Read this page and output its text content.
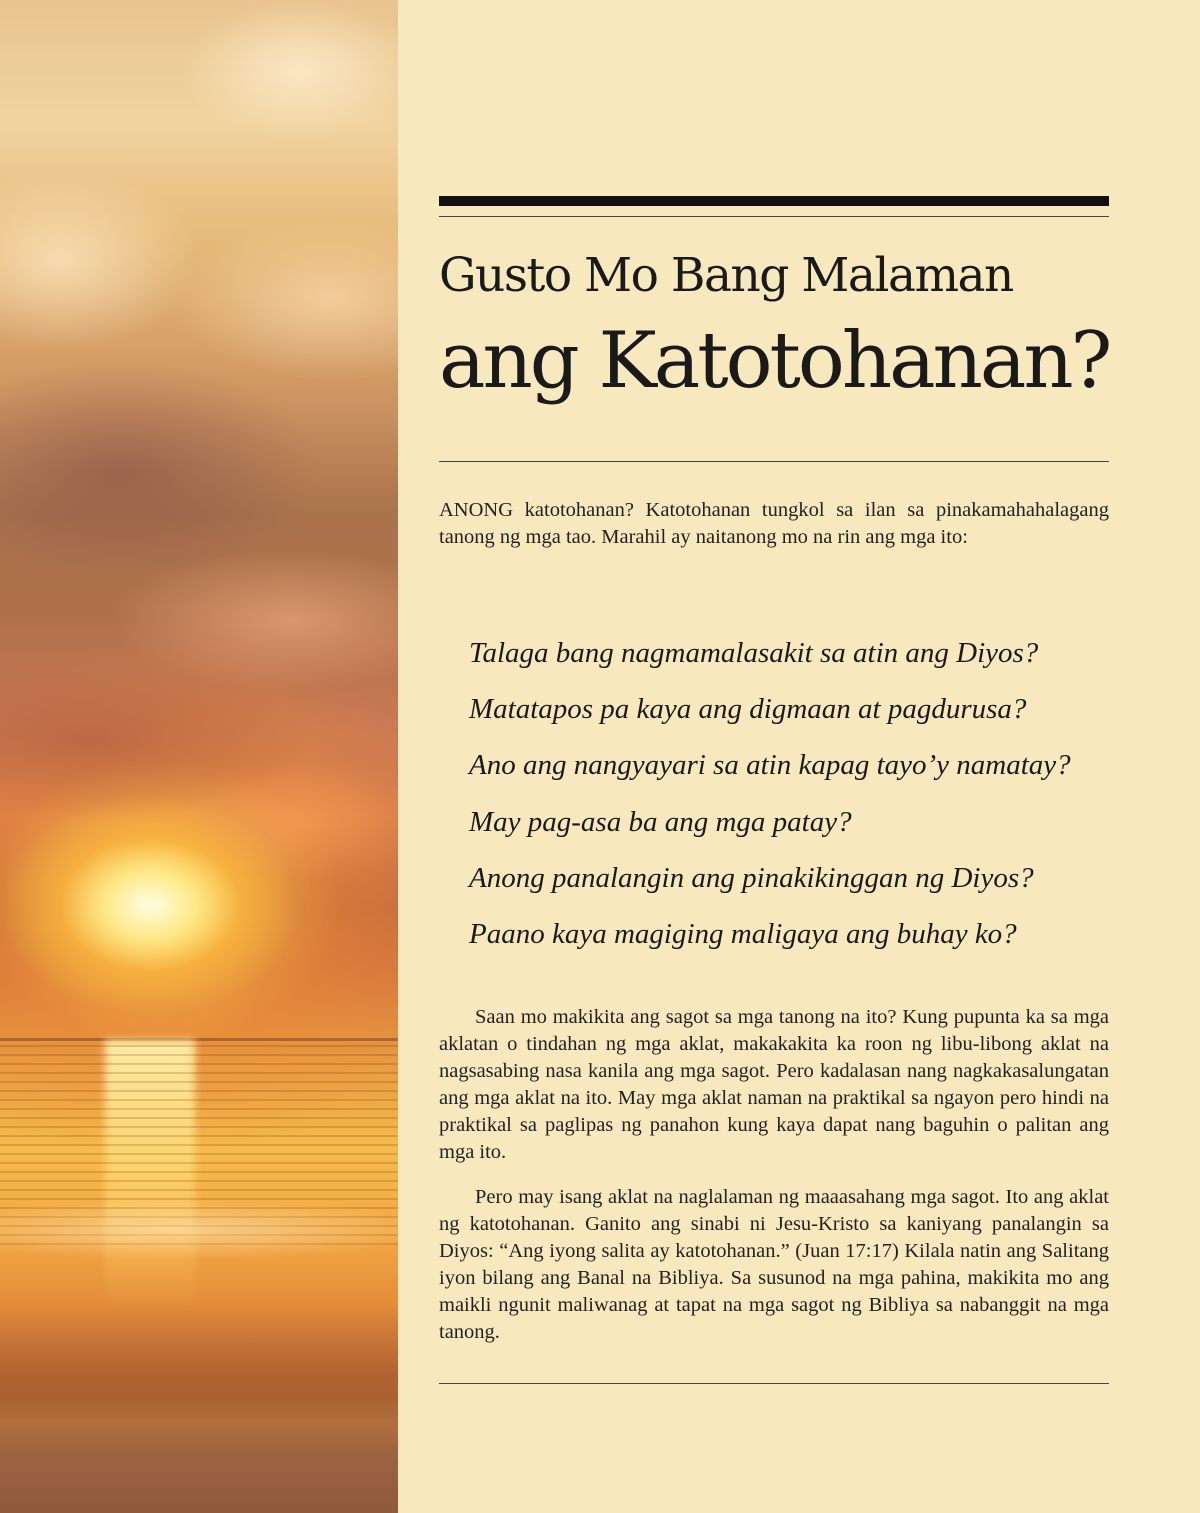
Gusto Mo Bang Malaman
ang Katotohanan?

ANONG katotohanan? Katotohanan tungkol sa ilan sa pinakamahahalagang tanong ng mga tao. Marahil ay naitanong mo na rin ang mga ito:

Talaga bang nagmamalasakit sa atin ang Diyos?
Matatapos pa kaya ang digmaan at pagdurusa?
Ano ang nangyayari sa atin kapag tayo’y namatay?
May pag-asa ba ang mga patay?
Anong panalangin ang pinakikinggan ng Diyos?
Paano kaya magiging maligaya ang buhay ko?

Saan mo makikita ang sagot sa mga tanong na ito? Kung pupunta ka sa mga aklatan o tindahan ng mga aklat, makakakita ka roon ng libu-libong aklat na nagsasabing nasa kanila ang mga sagot. Pero kadalasan nang nagkakasalungatan ang mga aklat na ito. May mga aklat naman na praktikal sa ngayon pero hindi na praktikal sa paglipas ng panahon kung kaya dapat nang baguhin o palitan ang mga ito.

Pero may isang aklat na naglalaman ng maaasahang mga sagot. Ito ang aklat ng katotohanan. Ganito ang sinabi ni Jesu-Kristo sa kaniyang panalangin sa Diyos: “Ang iyong salita ay katotohanan.” (Juan 17:17) Kilala natin ang Salitang iyon bilang ang Banal na Bibliya. Sa susunod na mga pahina, makikita mo ang maikli ngunit maliwanag at tapat na mga sagot ng Bibliya sa nabanggit na mga tanong.
